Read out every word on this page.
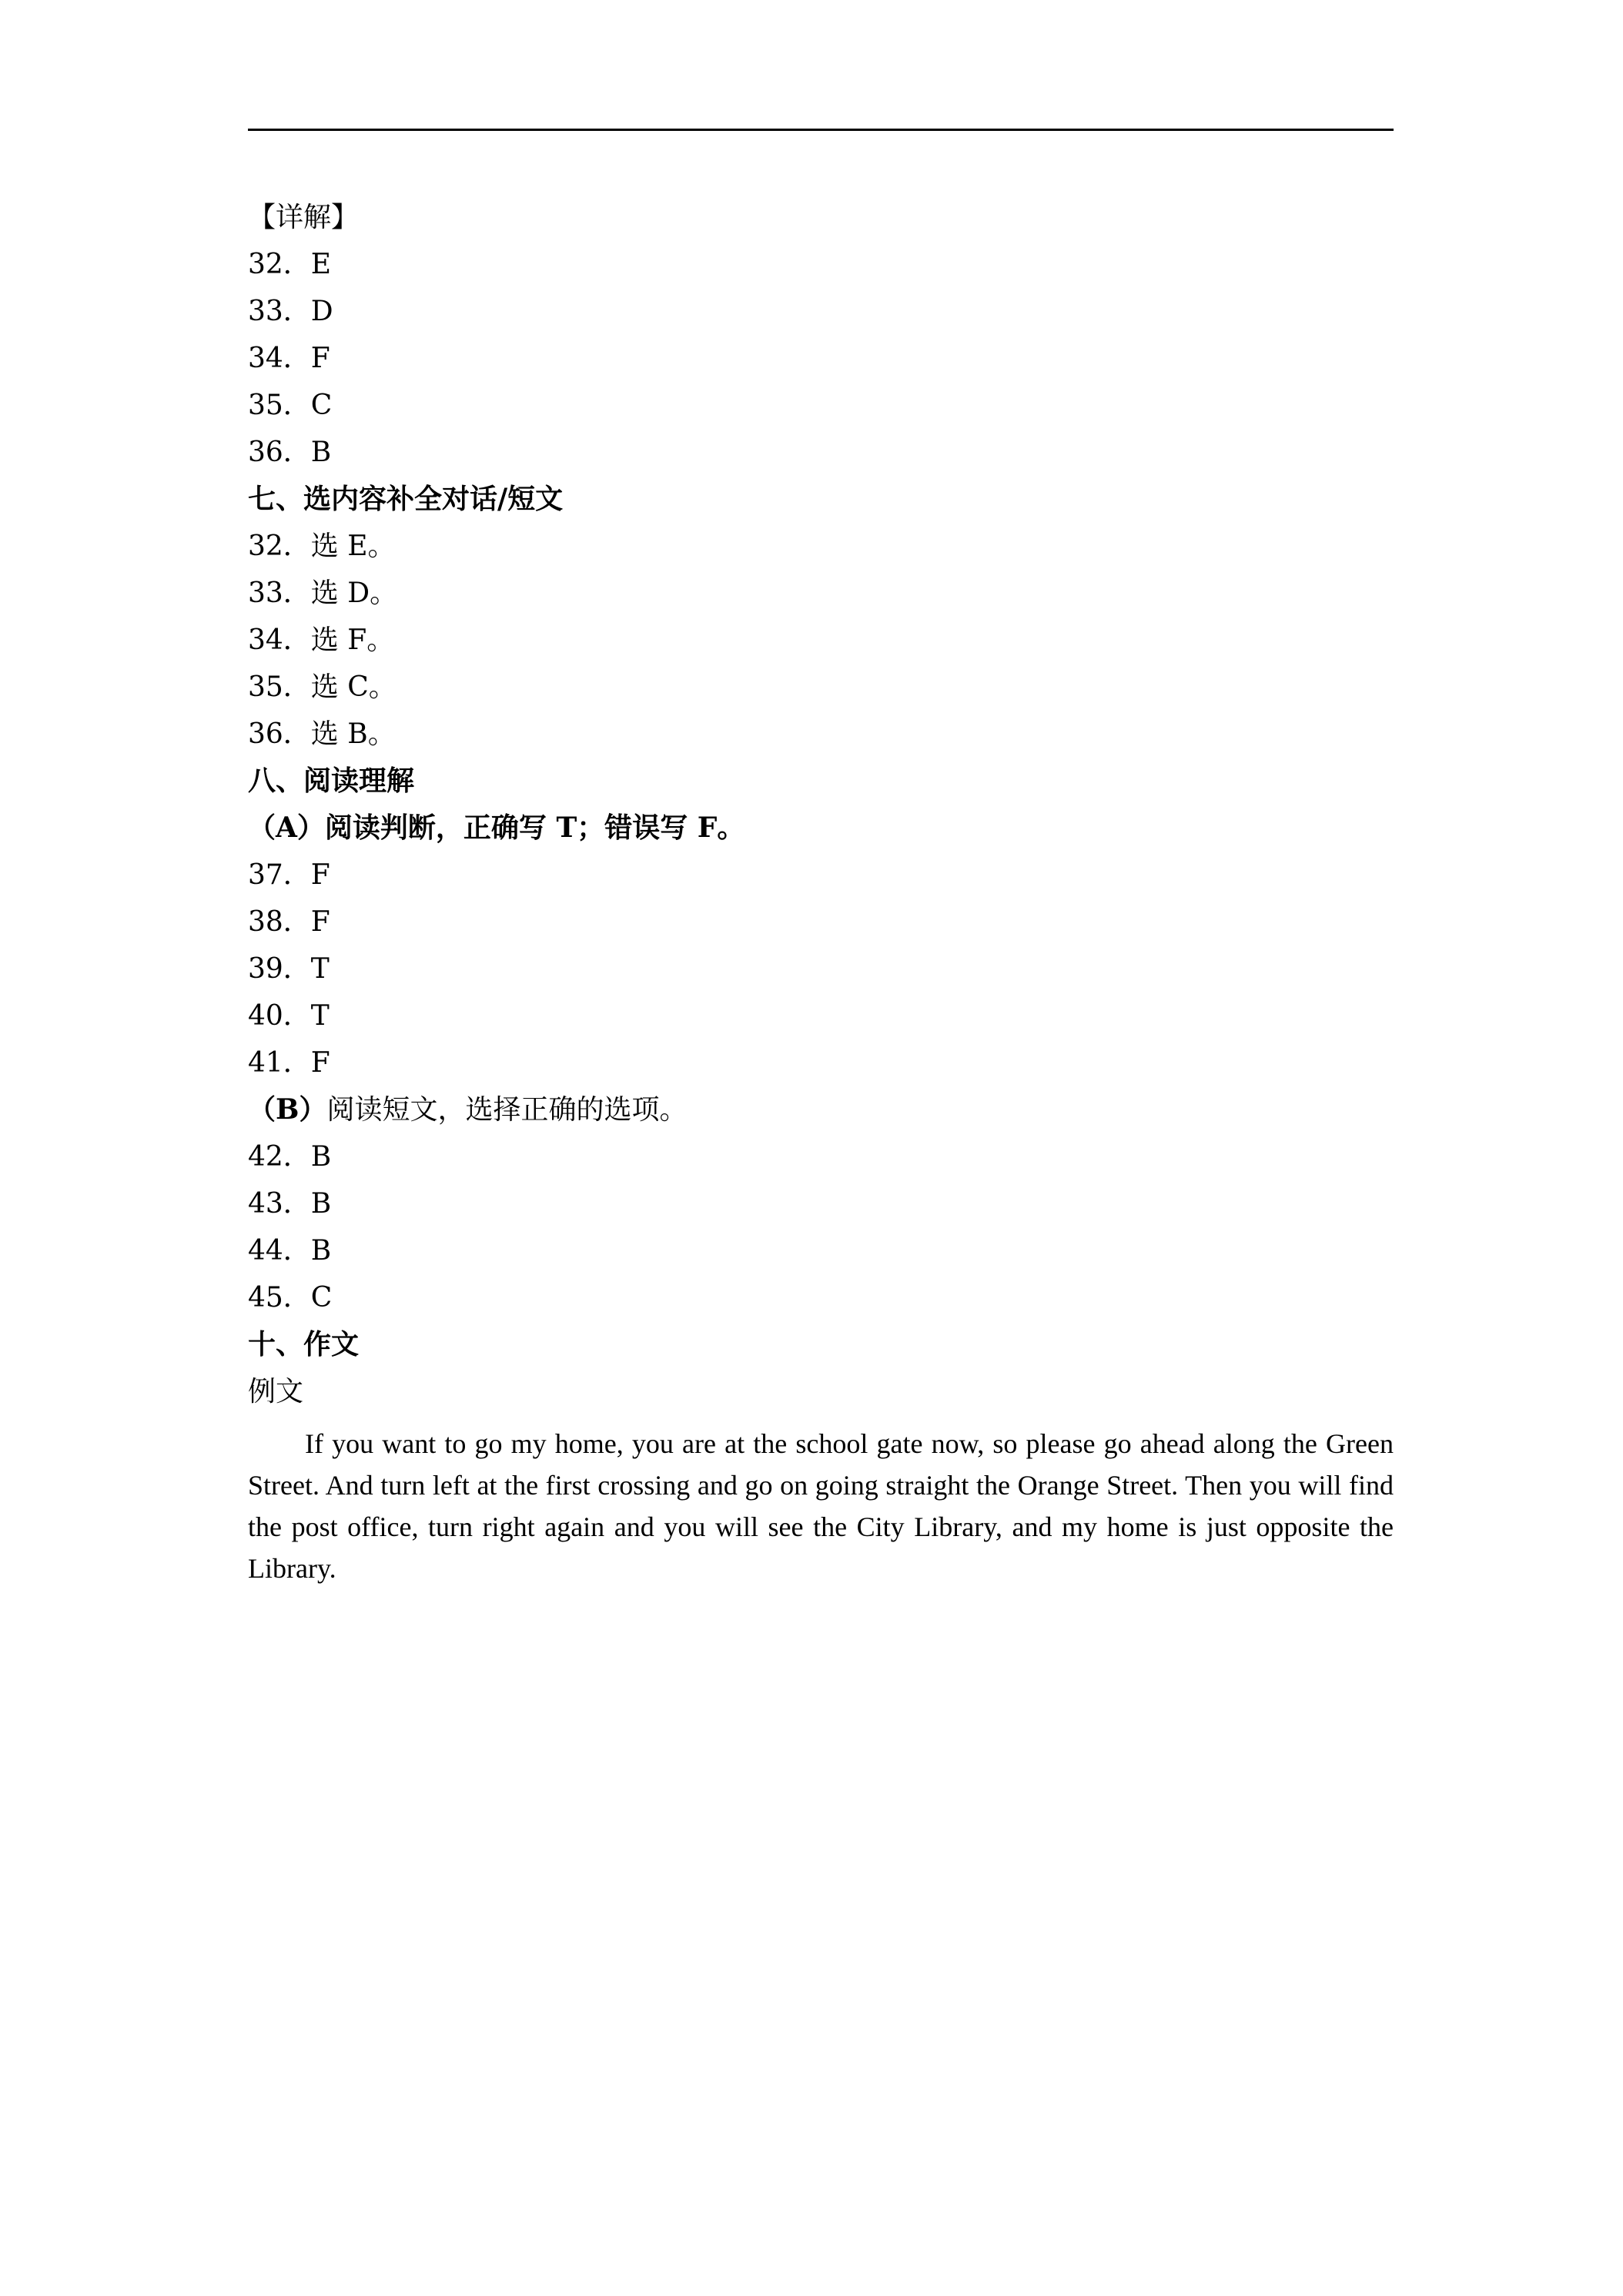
【详解】
32．E
33．D
34．F
35．C
36．B
七、选内容补全对话/短文
32．选 E。
33．选 D。
34．选 F。
35．选 C。
36．选 B。
八、阅读理解
（A）阅读判断，正确写 T；错误写 F。
37．F
38．F
39．T
40．T
41．F
（B）阅读短文，选择正确的选项。
42．B
43．B
44．B
45．C
十、作文
例文

If you want to go my home, you are at the school gate now, so please go ahead along the Green Street. And turn left at the first crossing and go on going straight the Orange Street. Then you will find the post office, turn right again and you will see the City Library, and my home is just opposite the Library.
